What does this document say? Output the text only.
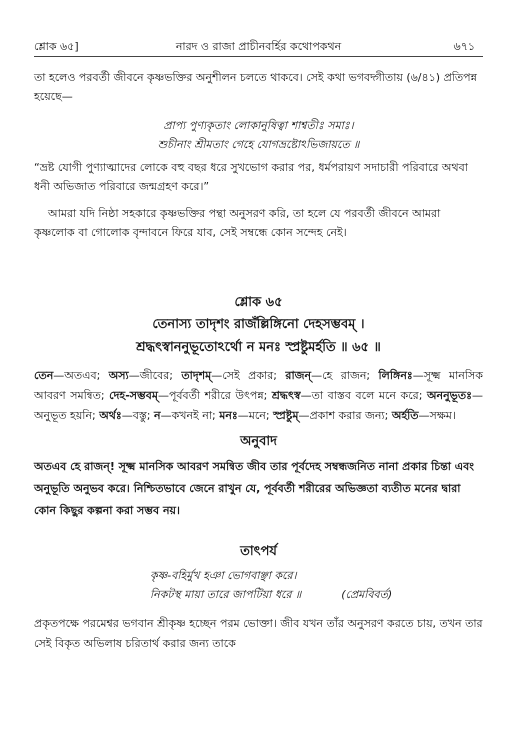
শ্লোক ৬৫]	নারদ ও রাজা প্রাচীনবর্হির কথোপকথন	৬৭১
তা হলেও পরবর্তী জীবনে কৃষ্ণভক্তির অনুশীলন চলতে থাকবে। সেই কথা ভগবদ্গীতায় (৬/৪১) প্রতিপন্ন হয়েছে—
প্রাপ্য পুণ্যকৃতাং লোকানুষিত্বা শাশ্বতীঃ সমাঃ।
শুচীনাং শ্রীমতাং গেহে যোগভ্রষ্টোঽভিজায়তে ॥
“ভ্রষ্ট যোগী পুণ্যাত্মাদের লোকে বহু বছর ধরে সুখভোগ করার পর, ধর্মপরায়ণ সদাচারী পরিবারে অথবা ধনী অভিজাত পরিবারে জন্মগ্রহণ করে।”
আমরা যদি নিষ্ঠা সহকারে কৃষ্ণভক্তির পন্থা অনুসরণ করি, তা হলে যে পরবর্তী জীবনে আমরা কৃষ্ণলোক বা গোলোক বৃন্দাবনে ফিরে যাব, সেই সম্বন্ধে কোন সন্দেহ নেই।
শ্লোক ৬৫
তেনাস্য তাদৃশং রাজঁল্লিঙ্গিনো দেহসম্ভবম্ ।
শ্রদ্ধৎস্বাননুভূতোঽর্থো ন মনঃ স্প্রষ্টুমর্হতি ॥ ৬৫ ॥
তেন—অতএব; অস্য—জীবের; তাদৃশম্—সেই প্রকার; রাজন্—হে রাজন; লিঙ্গিনঃ—সূক্ষ্ম মানসিক আবরণ সমন্বিত; দেহ-সম্ভবম্—পূর্ববর্তী শরীরে উৎপন্ন; শ্রদ্ধৎস্ব—তা বাস্তব বলে মনে করে; অননুভূতঃ—অনুভূত হয়নি; অর্থঃ—বস্তু; ন—কখনই না; মনঃ—মনে; স্প্রষ্টুম্—প্রকাশ করার জন্য; অর্হতি—সক্ষম।
অনুবাদ
অতএব হে রাজন্! সূক্ষ্ম মানসিক আবরণ সমন্বিত জীব তার পূর্বদেহ সম্বন্ধজনিত নানা প্রকার চিন্তা এবং অনুভূতি অনুভব করে। নিশ্চিতভাবে জেনে রাখুন যে, পূর্ববর্তী শরীরের অভিজ্ঞতা ব্যতীত মনের দ্বারা কোন কিছুর কল্পনা করা সম্ভব নয়।
তাৎপর্য
কৃষ্ণ-বহির্মুখ হঞা ভোগবাঞ্ছা করে।
নিকটস্থ মায়া তারে জাপটিয়া ধরে ॥	(প্রেমবিবর্ত)
প্রকৃতপক্ষে পরমেশ্বর ভগবান শ্রীকৃষ্ণ হচ্ছেন পরম ভোক্তা। জীব যখন তাঁর অনুসরণ করতে চায়, তখন তার সেই বিকৃত অভিলাষ চরিতার্থ করার জন্য তাকে
